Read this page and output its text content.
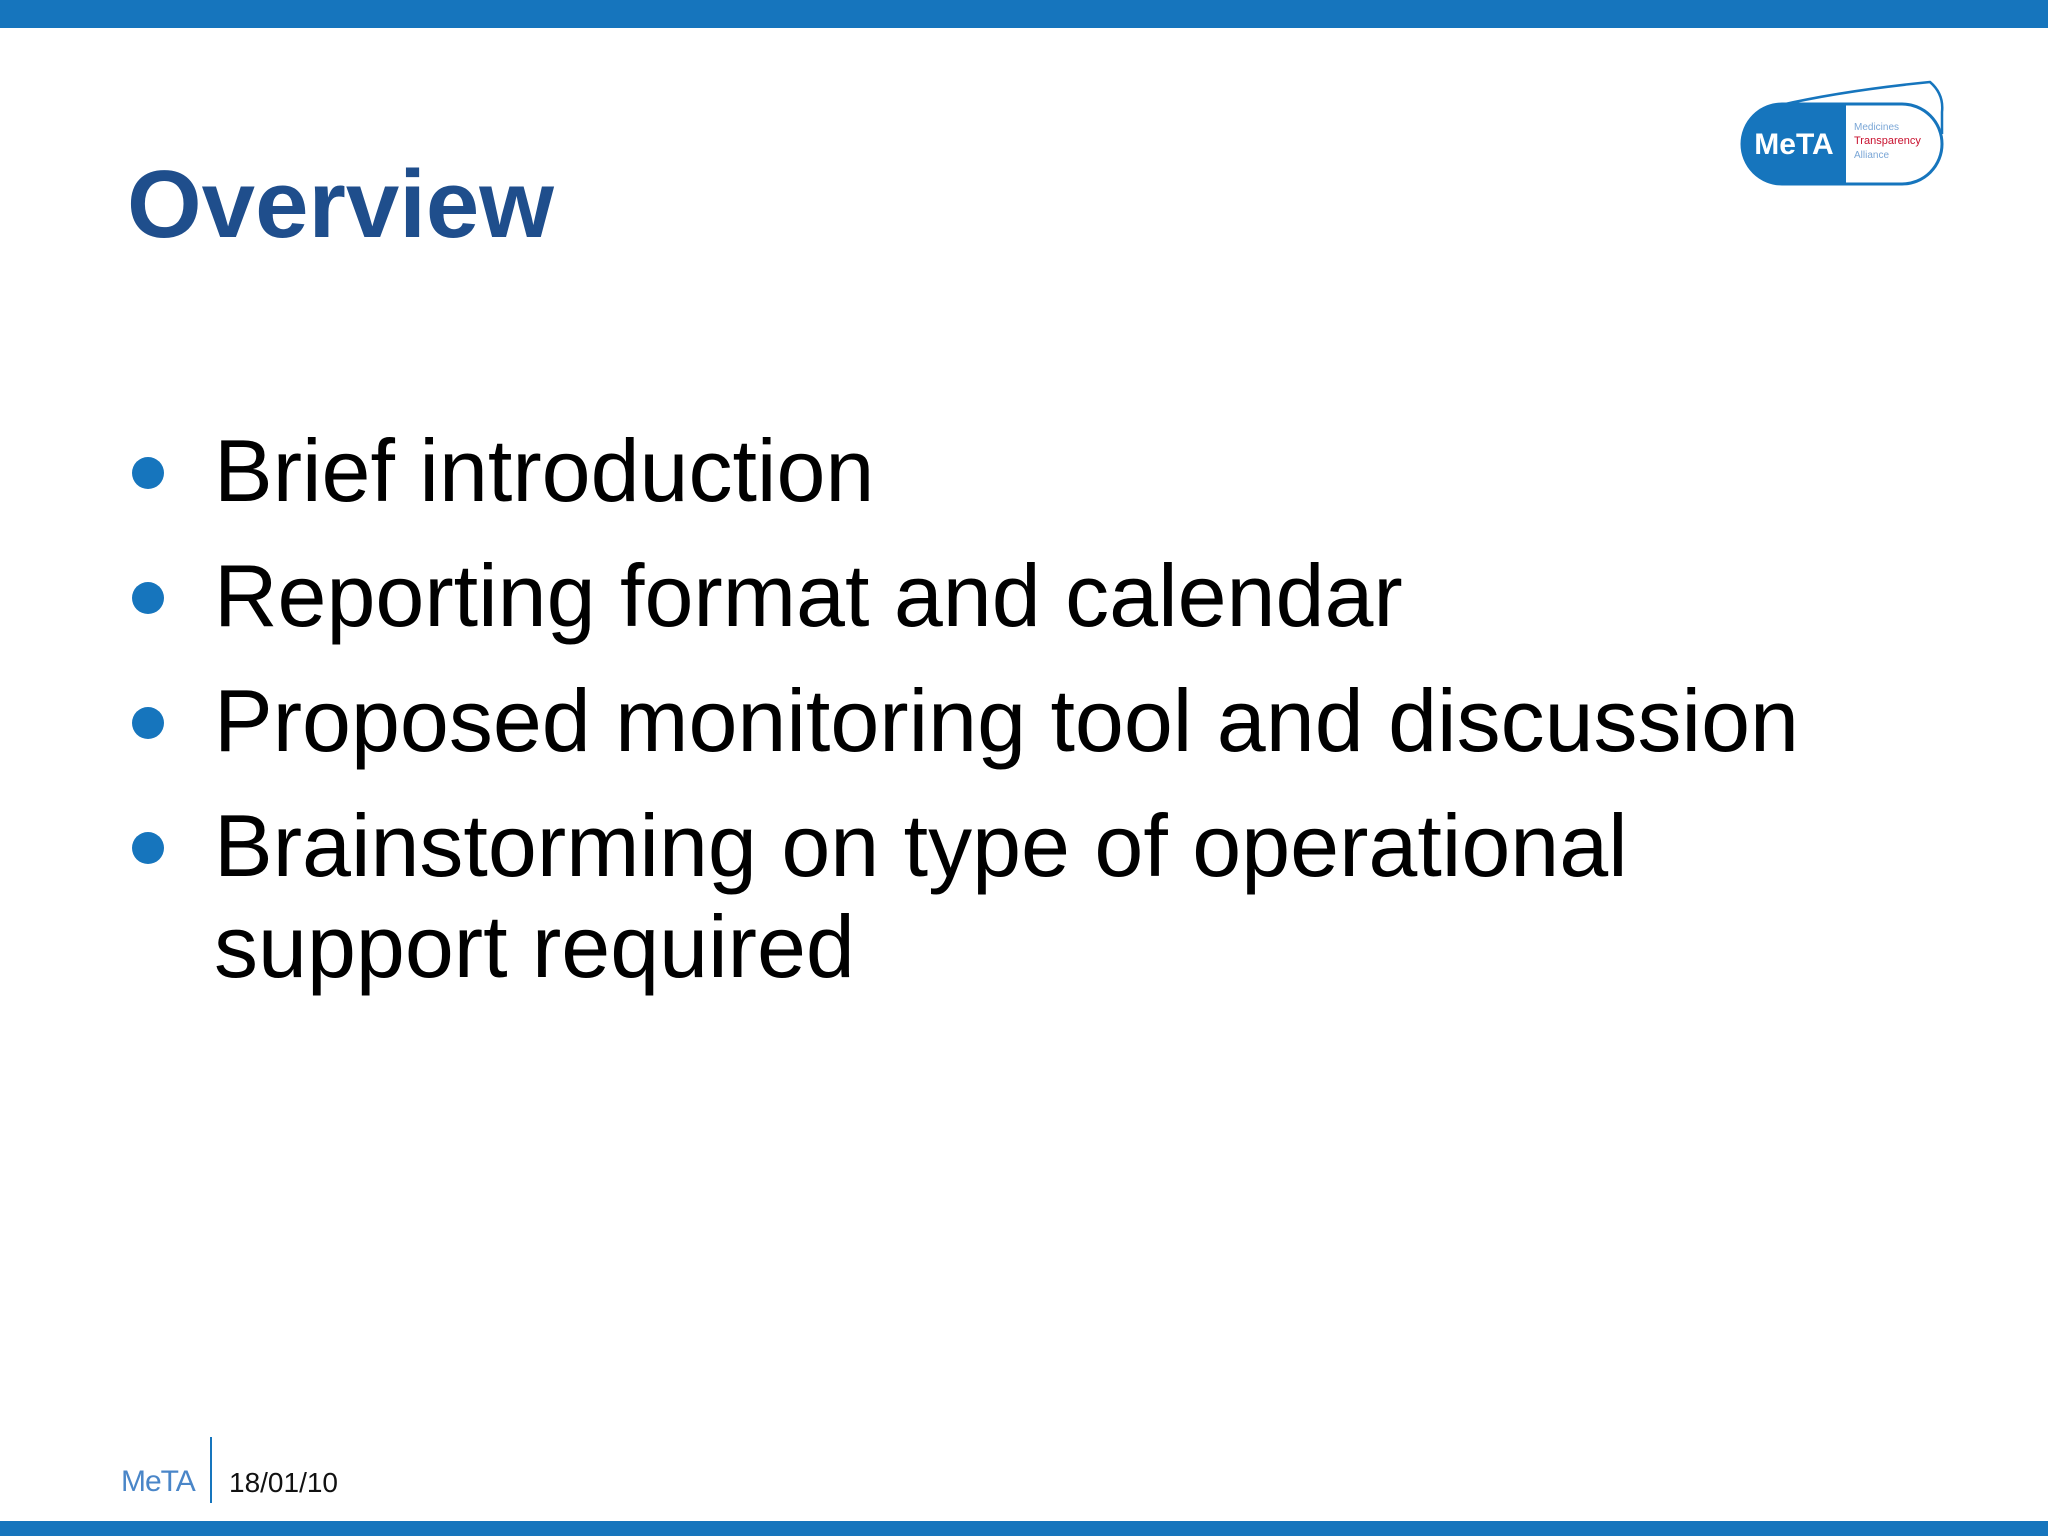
Overview
MeTA
Medicines
Transparency
Alliance
Brief introduction
Reporting format and calendar
Proposed monitoring tool and discussion
Brainstorming on type of operational support required
MeTA 18/01/10
